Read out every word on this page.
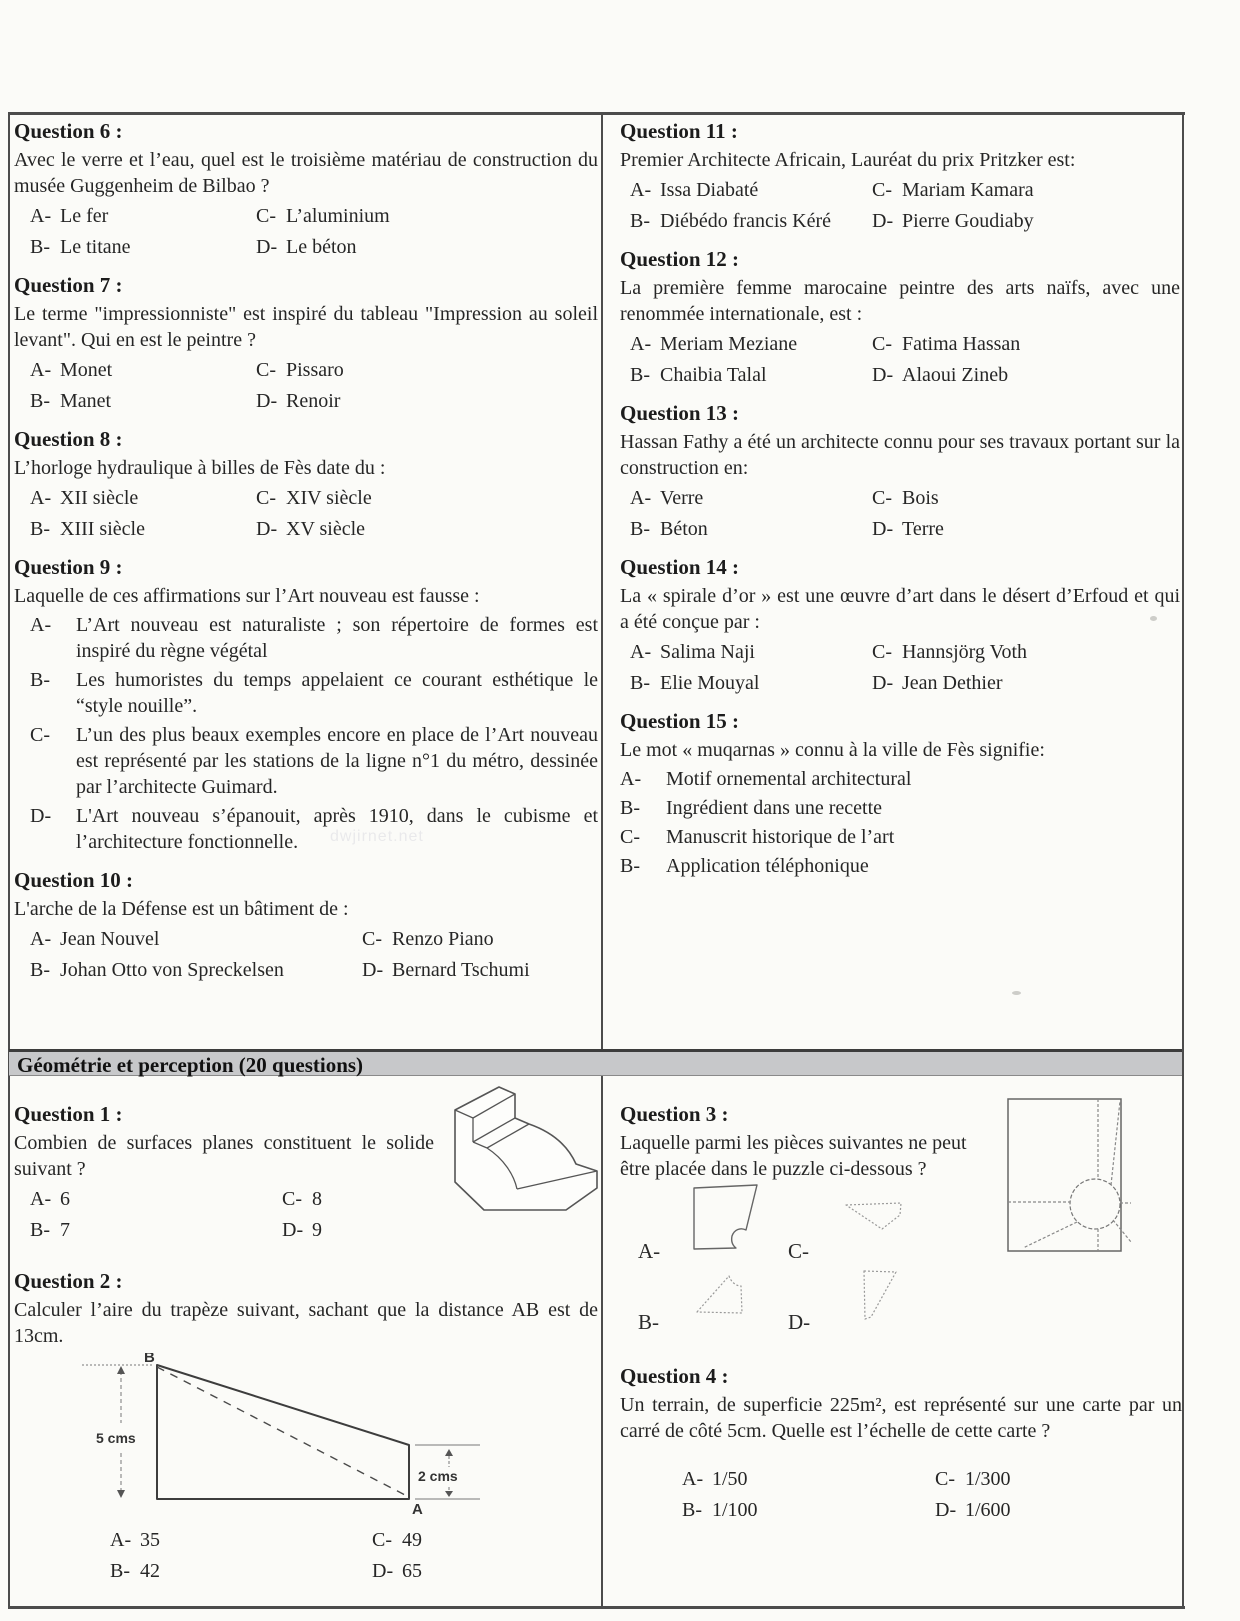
dwjirnet.net
Question 6 :
Avec le verre et l’eau, quel est le troisième matériau de construction du musée Guggenheim de Bilbao ?
A- Le fer	C- L’aluminium
B- Le titane	D- Le béton
Question 7 :
Le terme "impressionniste" est inspiré du tableau "Impression au soleil levant". Qui en est le peintre ?
A- Monet	C- Pissaro
B- Manet	D- Renoir
Question 8 :
L’horloge hydraulique à billes de Fès date du :
A- XII siècle	C- XIV siècle
B- XIII siècle	D- XV siècle
Question 9 :
Laquelle de ces affirmations sur l’Art nouveau est fausse :
A-	L’Art nouveau est naturaliste ; son répertoire de formes est inspiré du règne végétal
B-	Les humoristes du temps appelaient ce courant esthétique le “style nouille”.
C-	L’un des plus beaux exemples encore en place de l’Art nouveau est représenté par les stations de la ligne n°1 du métro, dessinée par l’architecte Guimard.
D-	L'Art nouveau s’épanouit, après 1910, dans le cubisme et l’architecture fonctionnelle.
Question 10 :
L'arche de la Défense est un bâtiment de :
A- Jean Nouvel	C- Renzo Piano
B- Johan Otto von Spreckelsen	D- Bernard Tschumi
Question 11 :
Premier Architecte Africain, Lauréat du prix Pritzker est:
A- Issa Diabaté	C- Mariam Kamara
B- Diébédo francis Kéré	D- Pierre Goudiaby
Question 12 :
La première femme marocaine peintre des arts naïfs, avec une renommée internationale, est :
A- Meriam Meziane	C- Fatima Hassan
B- Chaibia Talal	D- Alaoui Zineb
Question 13 :
Hassan Fathy a été un architecte connu pour ses travaux portant sur la construction en:
A- Verre	C- Bois
B- Béton	D- Terre
Question 14 :
La « spirale d’or » est une œuvre d’art dans le désert d’Erfoud et qui a été conçue par :
A- Salima Naji	C- Hannsjörg Voth
B- Elie Mouyal	D- Jean Dethier
Question 15 :
Le mot « muqarnas » connu à la ville de Fès signifie:
A-	Motif ornemental architectural
B-	Ingrédient dans une recette
C-	Manuscrit historique de l’art
B-	Application téléphonique
Géométrie et perception (20 questions)
Question 1 :
Combien de surfaces planes constituent le solide suivant ?
A- 6	C- 8
B- 7	D- 9
Question 2 :
Calculer l’aire du trapèze suivant, sachant que la distance AB est de 13cm.
B
A
5 cms
2 cms
A- 35	C- 49
B- 42	D- 65
Question 3 :
Laquelle parmi les pièces suivantes ne peut être placée dans le puzzle ci-dessous ?
A-	C-
B-	D-
Question 4 :
Un terrain, de superficie 225m², est représenté sur une carte par un carré de côté 5cm. Quelle est l’échelle de cette carte ?
A- 1/50	C- 1/300
B- 1/100	D- 1/600
